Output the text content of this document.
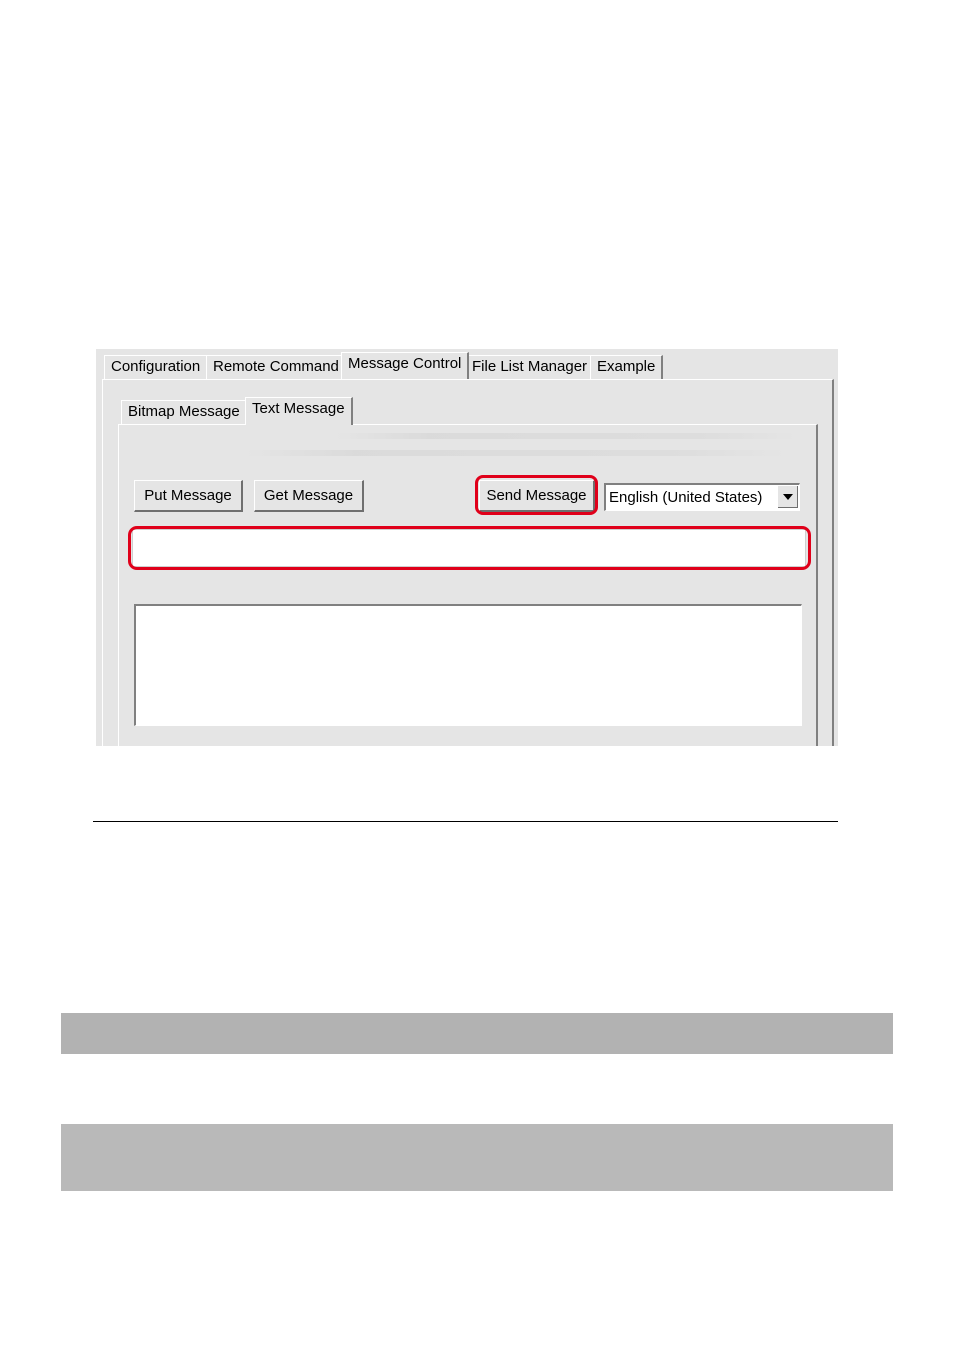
Configuration Remote Command Message Control File List Manager Example
Bitmap Message Text Message
Put Message	Get Message	Send Message	English (United States)
